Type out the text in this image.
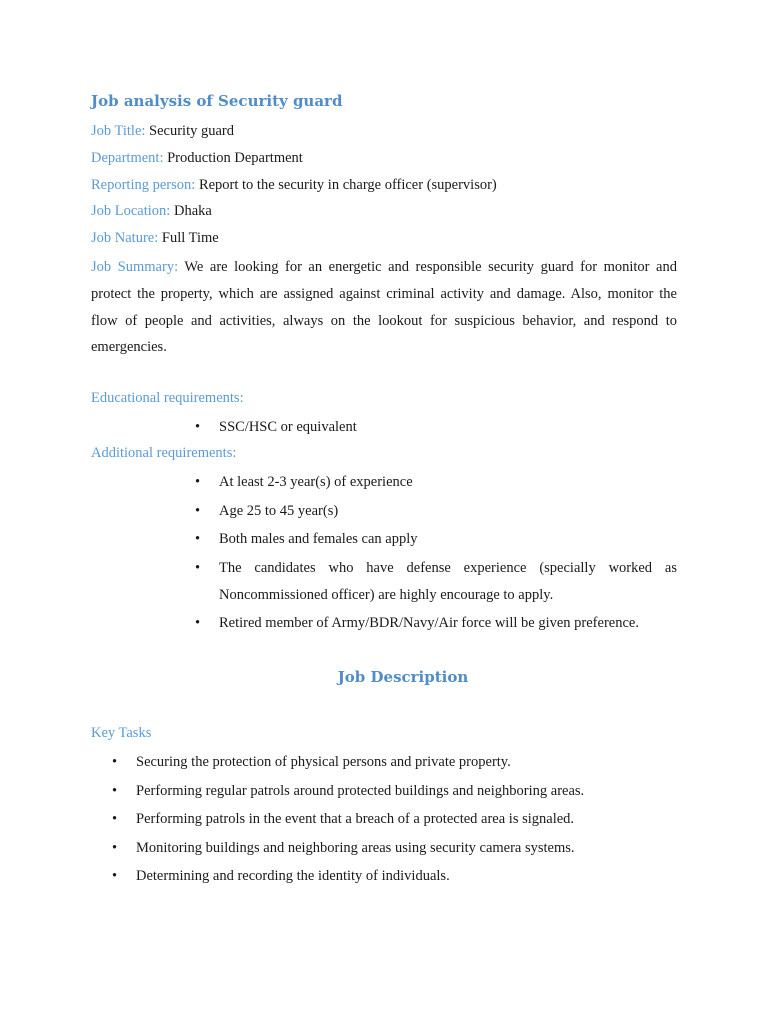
Job analysis of Security guard
Job Title: Security guard
Department: Production Department
Reporting person: Report to the security in charge officer (supervisor)
Job Location: Dhaka
Job Nature: Full Time
Job Summary: We are looking for an energetic and responsible security guard for monitor and protect the property, which are assigned against criminal activity and damage. Also, monitor the flow of people and activities, always on the lookout for suspicious behavior, and respond to emergencies.
Educational requirements:
• SSC/HSC or equivalent
Additional requirements:
• At least 2-3 year(s) of experience
• Age 25 to 45 year(s)
• Both males and females can apply
• The candidates who have defense experience (specially worked as Noncommissioned officer) are highly encourage to apply.
• Retired member of Army/BDR/Navy/Air force will be given preference.
Job Description
Key Tasks
• Securing the protection of physical persons and private property.
• Performing regular patrols around protected buildings and neighboring areas.
• Performing patrols in the event that a breach of a protected area is signaled.
• Monitoring buildings and neighboring areas using security camera systems.
• Determining and recording the identity of individuals.
